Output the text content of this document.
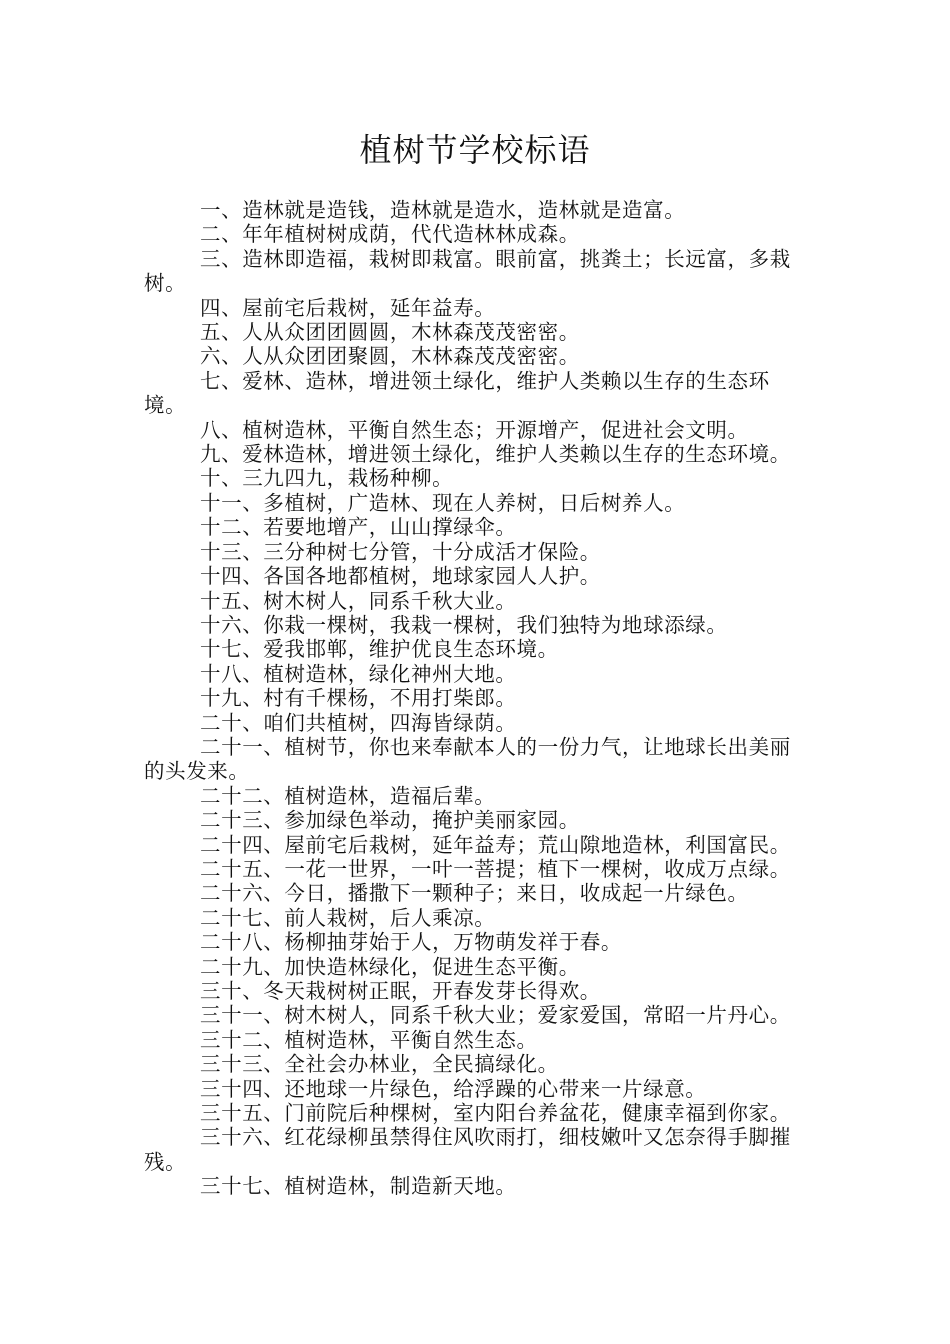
植树节学校标语
一、造林就是造钱，造林就是造水，造林就是造富。
二、年年植树树成荫，代代造林林成森。
三、造林即造福，栽树即栽富。眼前富，挑粪土；长远富，多栽树。
四、屋前宅后栽树，延年益寿。
五、人从众团团圆圆，木林森茂茂密密。
六、人从众团团聚圆，木林森茂茂密密。
七、爱林、造林，增进领土绿化，维护人类赖以生存的生态环境。
八、植树造林，平衡自然生态；开源增产，促进社会文明。
九、爱林造林，增进领土绿化，维护人类赖以生存的生态环境。
十、三九四九，栽杨种柳。
十一、多植树，广造林、现在人养树，日后树养人。
十二、若要地增产，山山撑绿伞。
十三、三分种树七分管，十分成活才保险。
十四、各国各地都植树，地球家园人人护。
十五、树木树人，同系千秋大业。
十六、你栽一棵树，我栽一棵树，我们独特为地球添绿。
十七、爱我邯郸，维护优良生态环境。
十八、植树造林，绿化神州大地。
十九、村有千棵杨，不用打柴郎。
二十、咱们共植树，四海皆绿荫。
二十一、植树节，你也来奉献本人的一份力气，让地球长出美丽的头发来。
二十二、植树造林，造福后辈。
二十三、参加绿色举动，掩护美丽家园。
二十四、屋前宅后栽树，延年益寿；荒山隙地造林，利国富民。
二十五、一花一世界，一叶一菩提；植下一棵树，收成万点绿。
二十六、今日，播撒下一颗种子；来日，收成起一片绿色。
二十七、前人栽树，后人乘凉。
二十八、杨柳抽芽始于人，万物萌发祥于春。
二十九、加快造林绿化，促进生态平衡。
三十、冬天栽树树正眠，开春发芽长得欢。
三十一、树木树人，同系千秋大业；爱家爱国，常昭一片丹心。
三十二、植树造林，平衡自然生态。
三十三、全社会办林业，全民搞绿化。
三十四、还地球一片绿色，给浮躁的心带来一片绿意。
三十五、门前院后种棵树，室内阳台养盆花，健康幸福到你家。
三十六、红花绿柳虽禁得住风吹雨打，细枝嫩叶又怎奈得手脚摧残。
三十七、植树造林，制造新天地。
